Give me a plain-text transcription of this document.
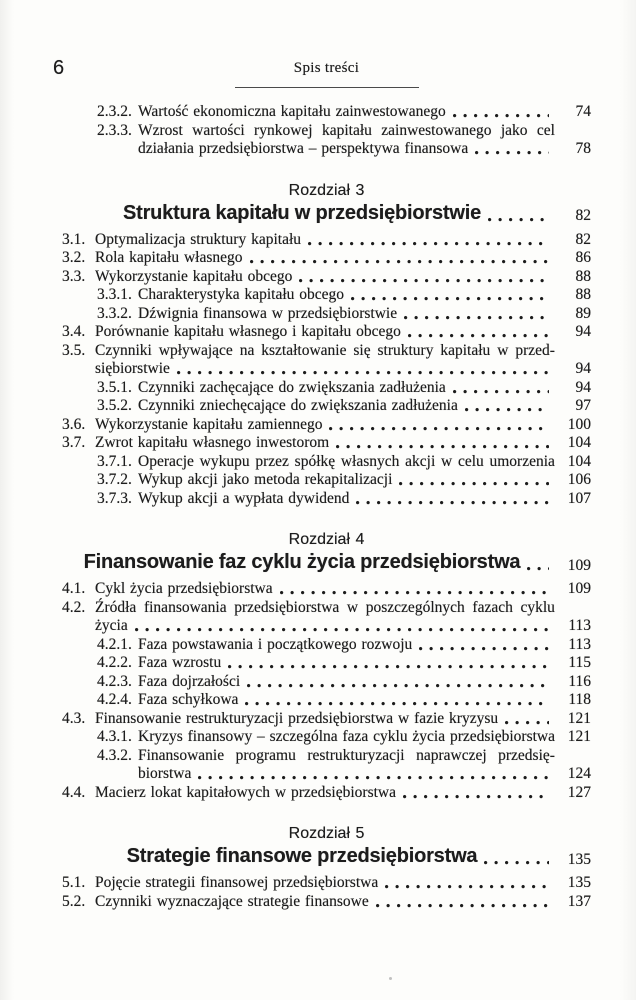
6	Spis treści
2.3.2. Wartość ekonomiczna kapitału zainwestowanego	74
2.3.3. Wzrost wartości rynkowej kapitału zainwestowanego jako cel
działania przedsiębiorstwa – perspektywa finansowa	78
Rozdział 3
Struktura kapitału w przedsiębiorstwie	82
3.1. Optymalizacja struktury kapitału	82
3.2. Rola kapitału własnego	86
3.3. Wykorzystanie kapitału obcego	88
3.3.1. Charakterystyka kapitału obcego	88
3.3.2. Dźwignia finansowa w przedsiębiorstwie	89
3.4. Porównanie kapitału własnego i kapitału obcego	94
3.5. Czynniki wpływające na kształtowanie się struktury kapitału w przed-
siębiorstwie	94
3.5.1. Czynniki zachęcające do zwiększania zadłużenia	94
3.5.2. Czynniki zniechęcające do zwiększania zadłużenia	97
3.6. Wykorzystanie kapitału zamiennego	100
3.7. Zwrot kapitału własnego inwestorom	104
3.7.1. Operacje wykupu przez spółkę własnych akcji w celu umorzenia 104
3.7.2. Wykup akcji jako metoda rekapitalizacji	106
3.7.3. Wykup akcji a wypłata dywidend	107
Rozdział 4
Finansowanie faz cyklu życia przedsiębiorstwa	109
4.1. Cykl życia przedsiębiorstwa	109
4.2. Źródła finansowania przedsiębiorstwa w poszczególnych fazach cyklu
życia	113
4.2.1. Faza powstawania i początkowego rozwoju	113
4.2.2. Faza wzrostu	115
4.2.3. Faza dojrzałości	116
4.2.4. Faza schyłkowa	118
4.3. Finansowanie restrukturyzacji przedsiębiorstwa w fazie kryzysu	121
4.3.1. Kryzys finansowy – szczególna faza cyklu życia przedsiębiorstwa 121
4.3.2. Finansowanie programu restrukturyzacji naprawczej przedsię-
biorstwa	124
4.4. Macierz lokat kapitałowych w przedsiębiorstwa	127
Rozdział 5
Strategie finansowe przedsiębiorstwa	135
5.1. Pojęcie strategii finansowej przedsiębiorstwa	135
5.2. Czynniki wyznaczające strategie finansowe	137
